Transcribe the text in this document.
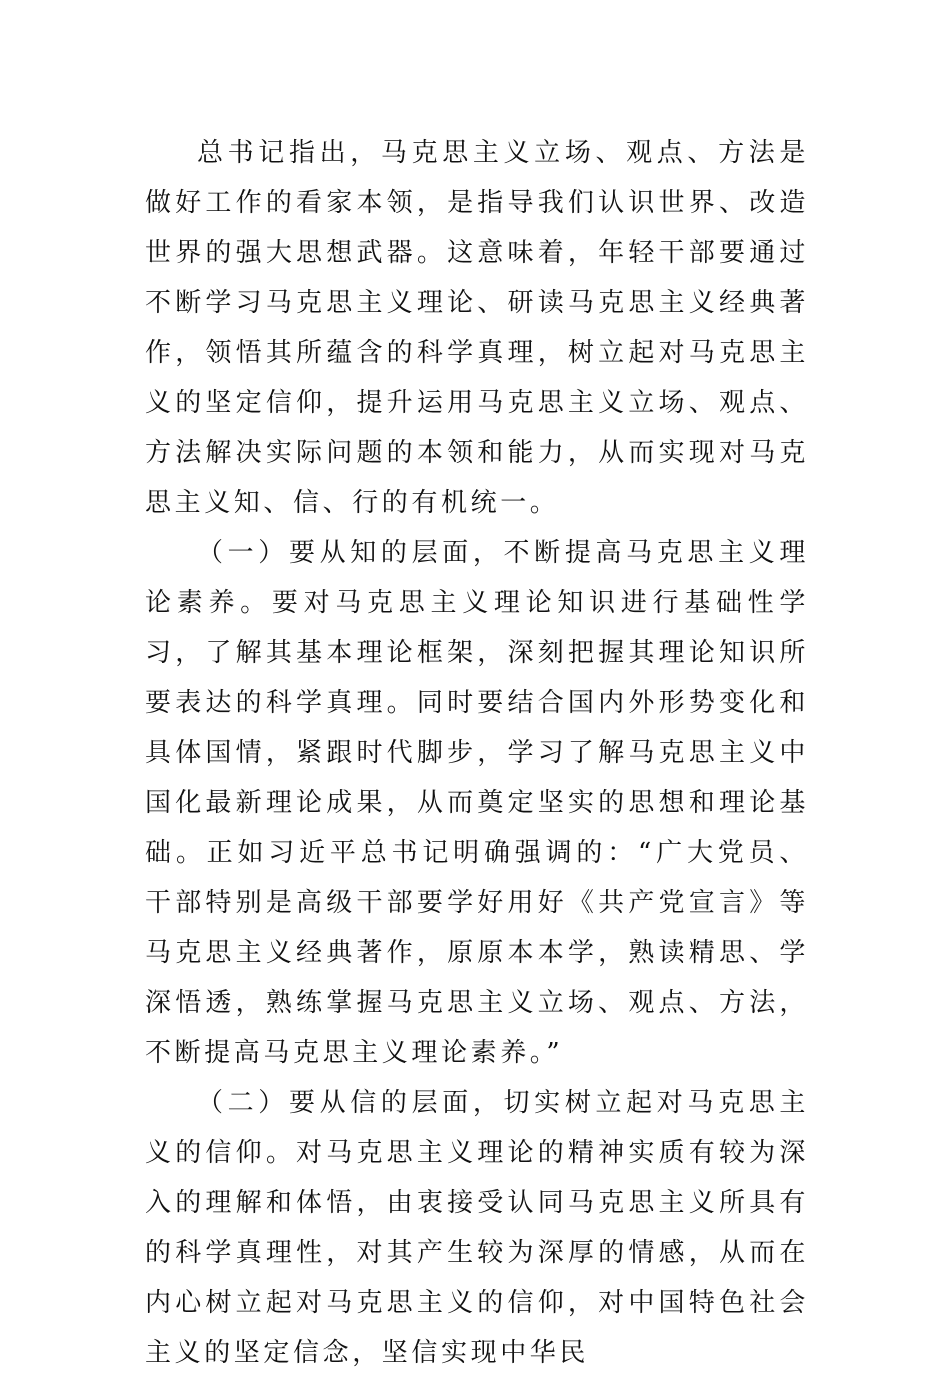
总书记指出，马克思主义立场、观点、方法是做好工作的看家本领，是指导我们认识世界、改造世界的强大思想武器。这意味着，年轻干部要通过不断学习马克思主义理论、研读马克思主义经典著作，领悟其所蕴含的科学真理，树立起对马克思主义的坚定信仰，提升运用马克思主义立场、观点、方法解决实际问题的本领和能力，从而实现对马克思主义知、信、行的有机统一。

（一）要从知的层面，不断提高马克思主义理论素养。要对马克思主义理论知识进行基础性学习，了解其基本理论框架，深刻把握其理论知识所要表达的科学真理。同时要结合国内外形势变化和具体国情，紧跟时代脚步，学习了解马克思主义中国化最新理论成果，从而奠定坚实的思想和理论基础。正如习近平总书记明确强调的：“广大党员、干部特别是高级干部要学好用好《共产党宣言》等马克思主义经典著作，原原本本学，熟读精思、学深悟透，熟练掌握马克思主义立场、观点、方法，不断提高马克思主义理论素养。”

（二）要从信的层面，切实树立起对马克思主义的信仰。对马克思主义理论的精神实质有较为深入的理解和体悟，由衷接受认同马克思主义所具有的科学真理性，对其产生较为深厚的情感，从而在内心树立起对马克思主义的信仰，对中国特色社会主义的坚定信念，坚信实现中华民
